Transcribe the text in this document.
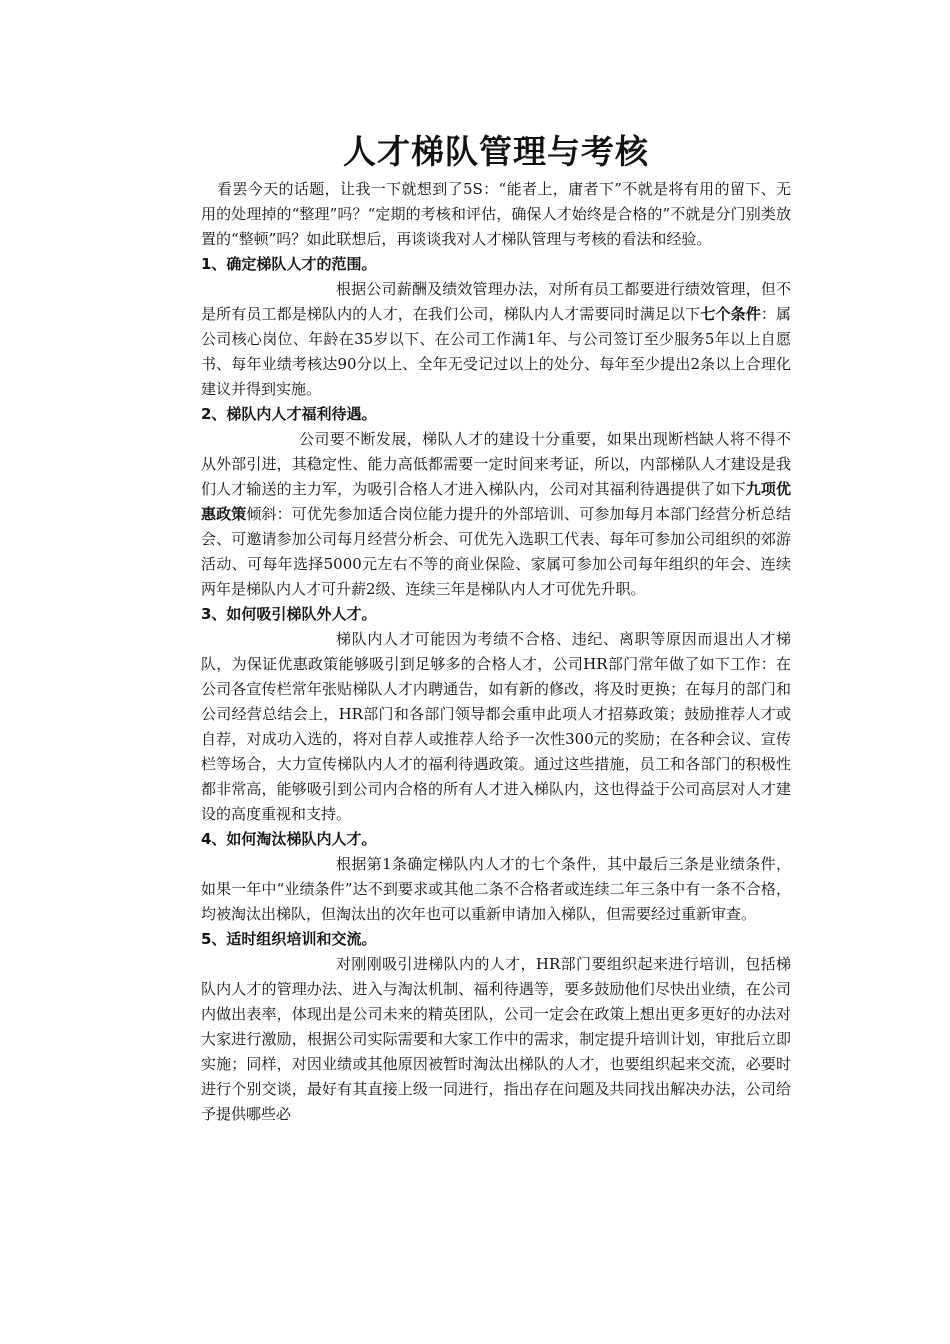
人才梯队管理与考核

看罢今天的话题，让我一下就想到了5S：“能者上，庸者下”不就是将有用的留下、无用的处理掉的“整理”吗？“定期的考核和评估，确保人才始终是合格的”不就是分门别类放置的“整顿”吗？如此联想后，再谈谈我对人才梯队管理与考核的看法和经验。

1、确定梯队人才的范围。

根据公司薪酬及绩效管理办法，对所有员工都要进行绩效管理，但不是所有员工都是梯队内的人才，在我们公司，梯队内人才需要同时满足以下七个条件：属公司核心岗位、年龄在35岁以下、在公司工作满1年、与公司签订至少服务5年以上自愿书、每年业绩考核达90分以上、全年无受记过以上的处分、每年至少提出2条以上合理化建议并得到实施。

2、梯队内人才福利待遇。

公司要不断发展，梯队人才的建设十分重要，如果出现断档缺人将不得不从外部引进，其稳定性、能力高低都需要一定时间来考证，所以，内部梯队人才建设是我们人才输送的主力军，为吸引合格人才进入梯队内，公司对其福利待遇提供了如下九项优惠政策倾斜：可优先参加适合岗位能力提升的外部培训、可参加每月本部门经营分析总结会、可邀请参加公司每月经营分析会、可优先入选职工代表、每年可参加公司组织的郊游活动、可每年选择5000元左右不等的商业保险、家属可参加公司每年组织的年会、连续两年是梯队内人才可升薪2级、连续三年是梯队内人才可优先升职。

3、如何吸引梯队外人才。

梯队内人才可能因为考绩不合格、违纪、离职等原因而退出人才梯队，为保证优惠政策能够吸引到足够多的合格人才，公司HR部门常年做了如下工作：在公司各宣传栏常年张贴梯队人才内聘通告，如有新的修改，将及时更换；在每月的部门和公司经营总结会上，HR部门和各部门领导都会重申此项人才招募政策；鼓励推荐人才或自荐，对成功入选的，将对自荐人或推荐人给予一次性300元的奖励；在各种会议、宣传栏等场合，大力宣传梯队内人才的福利待遇政策。通过这些措施，员工和各部门的积极性都非常高，能够吸引到公司内合格的所有人才进入梯队内，这也得益于公司高层对人才建设的高度重视和支持。

4、如何淘汰梯队内人才。

根据第1条确定梯队内人才的七个条件，其中最后三条是业绩条件，如果一年中“业绩条件”达不到要求或其他二条不合格者或连续二年三条中有一条不合格，均被淘汰出梯队，但淘汰出的次年也可以重新申请加入梯队，但需要经过重新审查。

5、适时组织培训和交流。

对刚刚吸引进梯队内的人才，HR部门要组织起来进行培训，包括梯队内人才的管理办法、进入与淘汰机制、福利待遇等，要多鼓励他们尽快出业绩，在公司内做出表率，体现出是公司未来的精英团队，公司一定会在政策上想出更多更好的办法对大家进行激励，根据公司实际需要和大家工作中的需求，制定提升培训计划，审批后立即实施；同样，对因业绩或其他原因被暂时淘汰出梯队的人才，也要组织起来交流，必要时进行个别交谈，最好有其直接上级一同进行，指出存在问题及共同找出解决办法，公司给予提供哪些必
